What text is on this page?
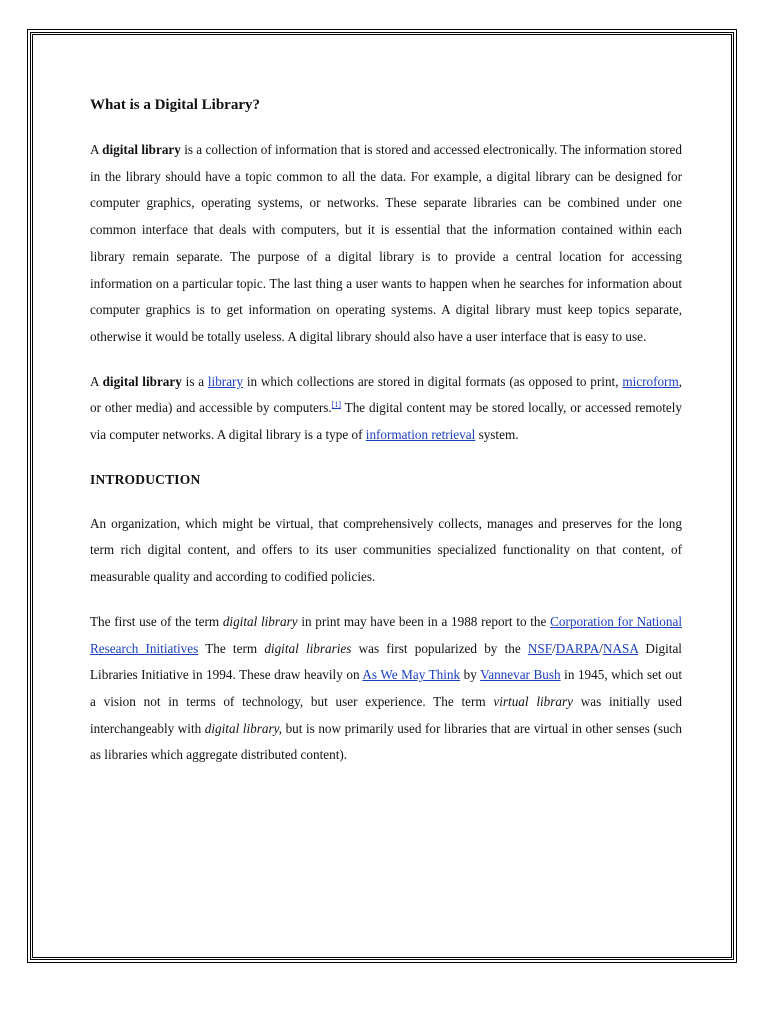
What is a Digital Library?

A digital library is a collection of information that is stored and accessed electronically. The information stored in the library should have a topic common to all the data. For example, a digital library can be designed for computer graphics, operating systems, or networks. These separate libraries can be combined under one common interface that deals with computers, but it is essential that the information contained within each library remain separate. The purpose of a digital library is to provide a central location for accessing information on a particular topic. The last thing a user wants to happen when he searches for information about computer graphics is to get information on operating systems. A digital library must keep topics separate, otherwise it would be totally useless. A digital library should also have a user interface that is easy to use.

A digital library is a library in which collections are stored in digital formats (as opposed to print, microform, or other media) and accessible by computers.[1] The digital content may be stored locally, or accessed remotely via computer networks. A digital library is a type of information retrieval system.

INTRODUCTION

An organization, which might be virtual, that comprehensively collects, manages and preserves for the long term rich digital content, and offers to its user communities specialized functionality on that content, of measurable quality and according to codified policies.

The first use of the term digital library in print may have been in a 1988 report to the Corporation for National Research Initiatives The term digital libraries was first popularized by the NSF/DARPA/NASA Digital Libraries Initiative in 1994. These draw heavily on As We May Think by Vannevar Bush in 1945, which set out a vision not in terms of technology, but user experience. The term virtual library was initially used interchangeably with digital library, but is now primarily used for libraries that are virtual in other senses (such as libraries which aggregate distributed content).
